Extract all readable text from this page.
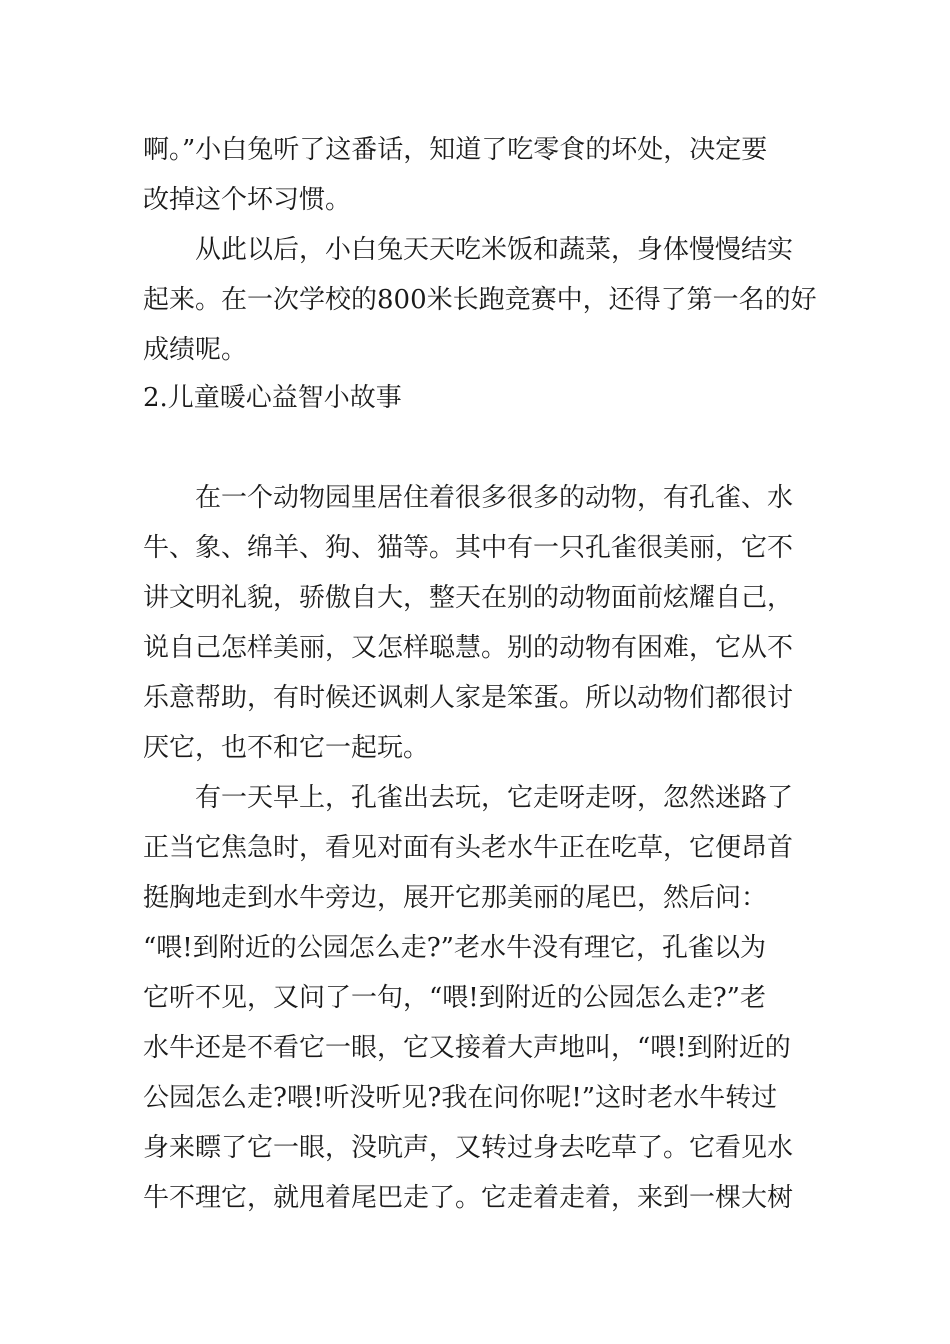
啊。”小白兔听了这番话，知道了吃零食的坏处，决定要
改掉这个坏习惯。
　　从此以后，小白兔天天吃米饭和蔬菜，身体慢慢结实
起来。在一次学校的800米长跑竞赛中，还得了第一名的好
成绩呢。
2.儿童暖心益智小故事
　　在一个动物园里居住着很多很多的动物，有孔雀、水
牛、象、绵羊、狗、猫等。其中有一只孔雀很美丽，它不
讲文明礼貌，骄傲自大，整天在别的动物面前炫耀自己，
说自己怎样美丽，又怎样聪慧。别的动物有困难，它从不
乐意帮助，有时候还讽刺人家是笨蛋。所以动物们都很讨
厌它，也不和它一起玩。
　　有一天早上，孔雀出去玩，它走呀走呀，忽然迷路了
正当它焦急时，看见对面有头老水牛正在吃草，它便昂首
挺胸地走到水牛旁边，展开它那美丽的尾巴，然后问：
“喂!到附近的公园怎么走?”老水牛没有理它，孔雀以为
它听不见，又问了一句，“喂!到附近的公园怎么走?”老
水牛还是不看它一眼，它又接着大声地叫，“喂!到附近的
公园怎么走?喂!听没听见?我在问你呢!”这时老水牛转过
身来瞟了它一眼，没吭声，又转过身去吃草了。它看见水
牛不理它，就甩着尾巴走了。它走着走着，来到一棵大树
